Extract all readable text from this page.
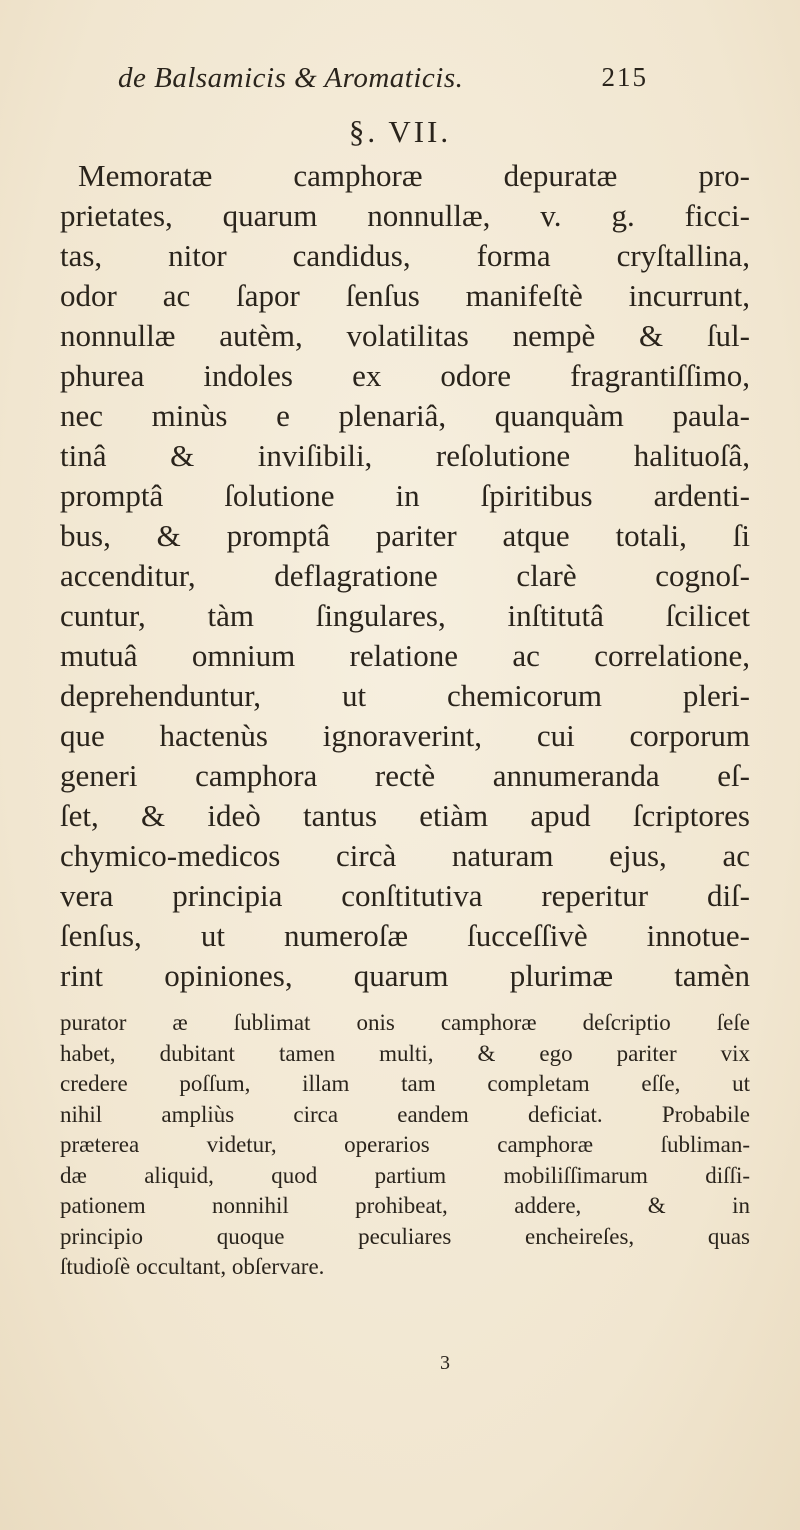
de Balsamicis & Aromaticis.	215
§. VII.
Memoratæ camphoræ depuratæ pro-
prietates, quarum nonnullæ, v. g. ficci-
tas, nitor candidus, forma cryſtallina,
odor ac ſapor ſenſus manifeſtè incurrunt,
nonnullæ autèm, volatilitas nempè & ſul-
phurea indoles ex odore fragrantiſſimo,
nec minùs e plenariâ, quanquàm paula-
tinâ & inviſibili, reſolutione halituoſâ,
promptâ ſolutione in ſpiritibus ardenti-
bus, & promptâ pariter atque totali, ſi
accenditur, deflagratione clarè cognoſ-
cuntur, tàm ſingulares, inſtitutâ ſcilicet
mutuâ omnium relatione ac correlatione,
deprehenduntur, ut chemicorum pleri-
que hactenùs ignoraverint, cui corporum
generi camphora rectè annumeranda eſ-
ſet, & ideò tantus etiàm apud ſcriptores
chymico-medicos circà naturam ejus, ac
vera principia conſtitutiva reperitur diſ-
ſenſus, ut numeroſæ ſucceſſivè innotue-
rint opiniones, quarum plurimæ tamèn
purator æ ſublimat onis camphoræ deſcriptio ſeſe
habet, dubitant tamen multi, & ego pariter vix
credere poſſum, illam tam completam eſſe, ut
nihil ampliùs circa eandem deficiat. Probabile
præterea videtur, operarios camphoræ ſubliman-
dæ aliquid, quod partium mobiliſſimarum diſſi-
pationem nonnihil prohibeat, addere, & in
principio quoque peculiares encheireſes, quas
ſtudioſè occultant, obſervare.
3
